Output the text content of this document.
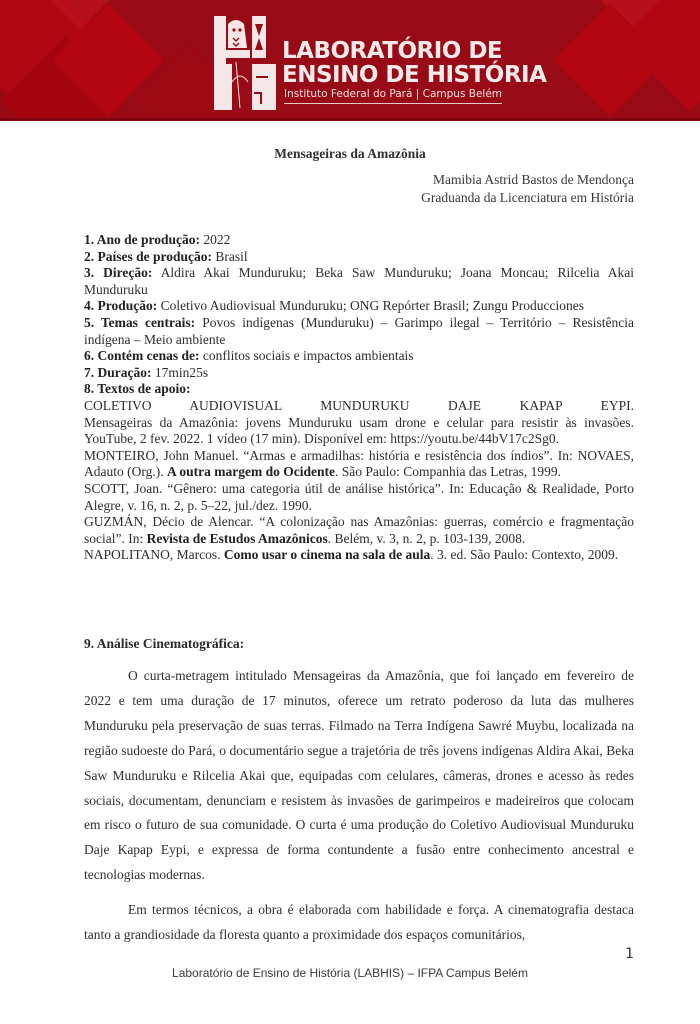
LABORATÓRIO DE
ENSINO DE HISTÓRIA
Instituto Federal do Pará | Campus Belém
Mensageiras da Amazônia
Mamibia Astrid Bastos de Mendonça
Graduanda da Licenciatura em História

1. Ano de produção: 2022

2. Países de produção: Brasil

3. Direção: Aldira Akai Munduruku; Beka Saw Munduruku; Joana Moncau; Rilcelia Akai Munduruku

4. Produção: Coletivo Audiovisual Munduruku; ONG Repórter Brasil; Zungu Producciones

5. Temas centrais: Povos indígenas (Munduruku) – Garimpo ilegal – Território – Resistência indígena – Meio ambiente

6. Contém cenas de: conflitos sociais e impactos ambientais

7. Duração: 17min25s

8. Textos de apoio:

COLETIVO AUDIOVISUAL MUNDURUKU DAJE KAPAP EYPI.

Mensageiras da Amazônia: jovens Munduruku usam drone e celular para resistir às invasões. YouTube, 2 fev. 2022. 1 vídeo (17 min). Disponível em: https://youtu.be/44bV17c2Sg0.

MONTEIRO, John Manuel. “Armas e armadilhas: história e resistência dos índios”. In: NOVAES, Adauto (Org.). A outra margem do Ocidente. São Paulo: Companhia das Letras, 1999.

SCOTT, Joan. “Gênero: uma categoria útil de análise histórica”. In: Educação & Realidade, Porto Alegre, v. 16, n. 2, p. 5–22, jul./dez. 1990.

GUZMÁN, Décio de Alencar. “A colonização nas Amazônias: guerras, comércio e fragmentação social”. In: Revista de Estudos Amazônicos. Belém, v. 3, n. 2, p. 103-139, 2008.

NAPOLITANO, Marcos. Como usar o cinema na sala de aula. 3. ed. São Paulo: Contexto, 2009.

9. Análise Cinematográfica:

O curta-metragem intitulado Mensageiras da Amazônia, que foi lançado em fevereiro de 2022 e tem uma duração de 17 minutos, oferece um retrato poderoso da luta das mulheres Munduruku pela preservação de suas terras. Filmado na Terra Indígena Sawré Muybu, localizada na região sudoeste do Pará, o documentário segue a trajetória de três jovens indígenas Aldira Akai, Beka Saw Munduruku e Rilcelia Akai que, equipadas com celulares, câmeras, drones e acesso às redes sociais, documentam, denunciam e resistem às invasões de garimpeiros e madeireiros que colocam em risco o futuro de sua comunidade. O curta é uma produção do Coletivo Audiovisual Munduruku Daje Kapap Eypi, e expressa de forma contundente a fusão entre conhecimento ancestral e tecnologias modernas.

Em termos técnicos, a obra é elaborada com habilidade e força. A cinematografia destaca tanto a grandiosidade da floresta quanto a proximidade dos espaços comunitários,

1
Laboratório de Ensino de História (LABHIS) – IFPA Campus Belém
